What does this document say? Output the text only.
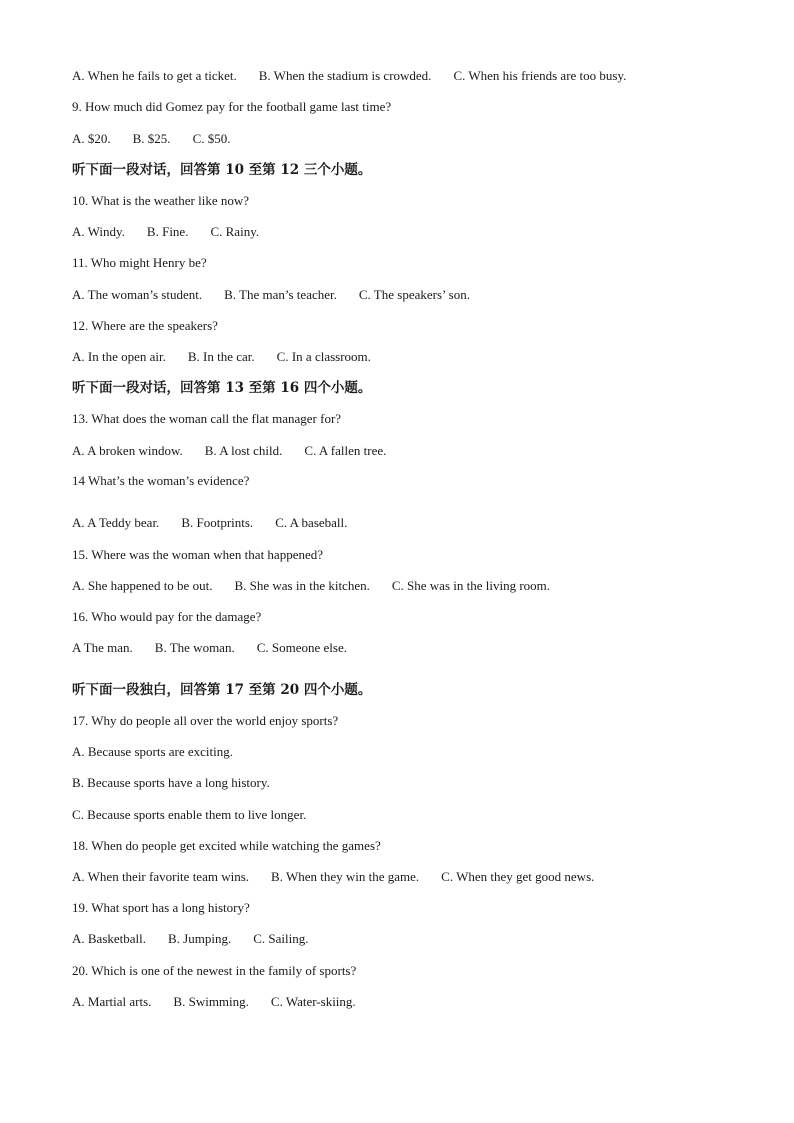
A. When he fails to get a ticket. B. When the stadium is crowded. C. When his friends are too busy.
9. How much did Gomez pay for the football game last time?
A. $20. B. $25. C. $50.
听下面一段对话，回答第 10 至第 12 三个小题。
10. What is the weather like now?
A. Windy. B. Fine. C. Rainy.
11. Who might Henry be?
A. The woman’s student. B. The man’s teacher. C. The speakers’ son.
12. Where are the speakers?
A. In the open air. B. In the car. C. In a classroom.
听下面一段对话，回答第 13 至第 16 四个小题。
13. What does the woman call the flat manager for?
A. A broken window. B. A lost child. C. A fallen tree.
14 What’s the woman’s evidence?
A. A Teddy bear. B. Footprints. C. A baseball.
15. Where was the woman when that happened?
A. She happened to be out. B. She was in the kitchen. C. She was in the living room.
16. Who would pay for the damage?
A The man. B. The woman. C. Someone else.
听下面一段独白，回答第 17 至第 20 四个小题。
17. Why do people all over the world enjoy sports?
A. Because sports are exciting.
B. Because sports have a long history.
C. Because sports enable them to live longer.
18. When do people get excited while watching the games?
A. When their favorite team wins. B. When they win the game. C. When they get good news.
19. What sport has a long history?
A. Basketball. B. Jumping. C. Sailing.
20. Which is one of the newest in the family of sports?
A. Martial arts. B. Swimming. C. Water-skiing.
